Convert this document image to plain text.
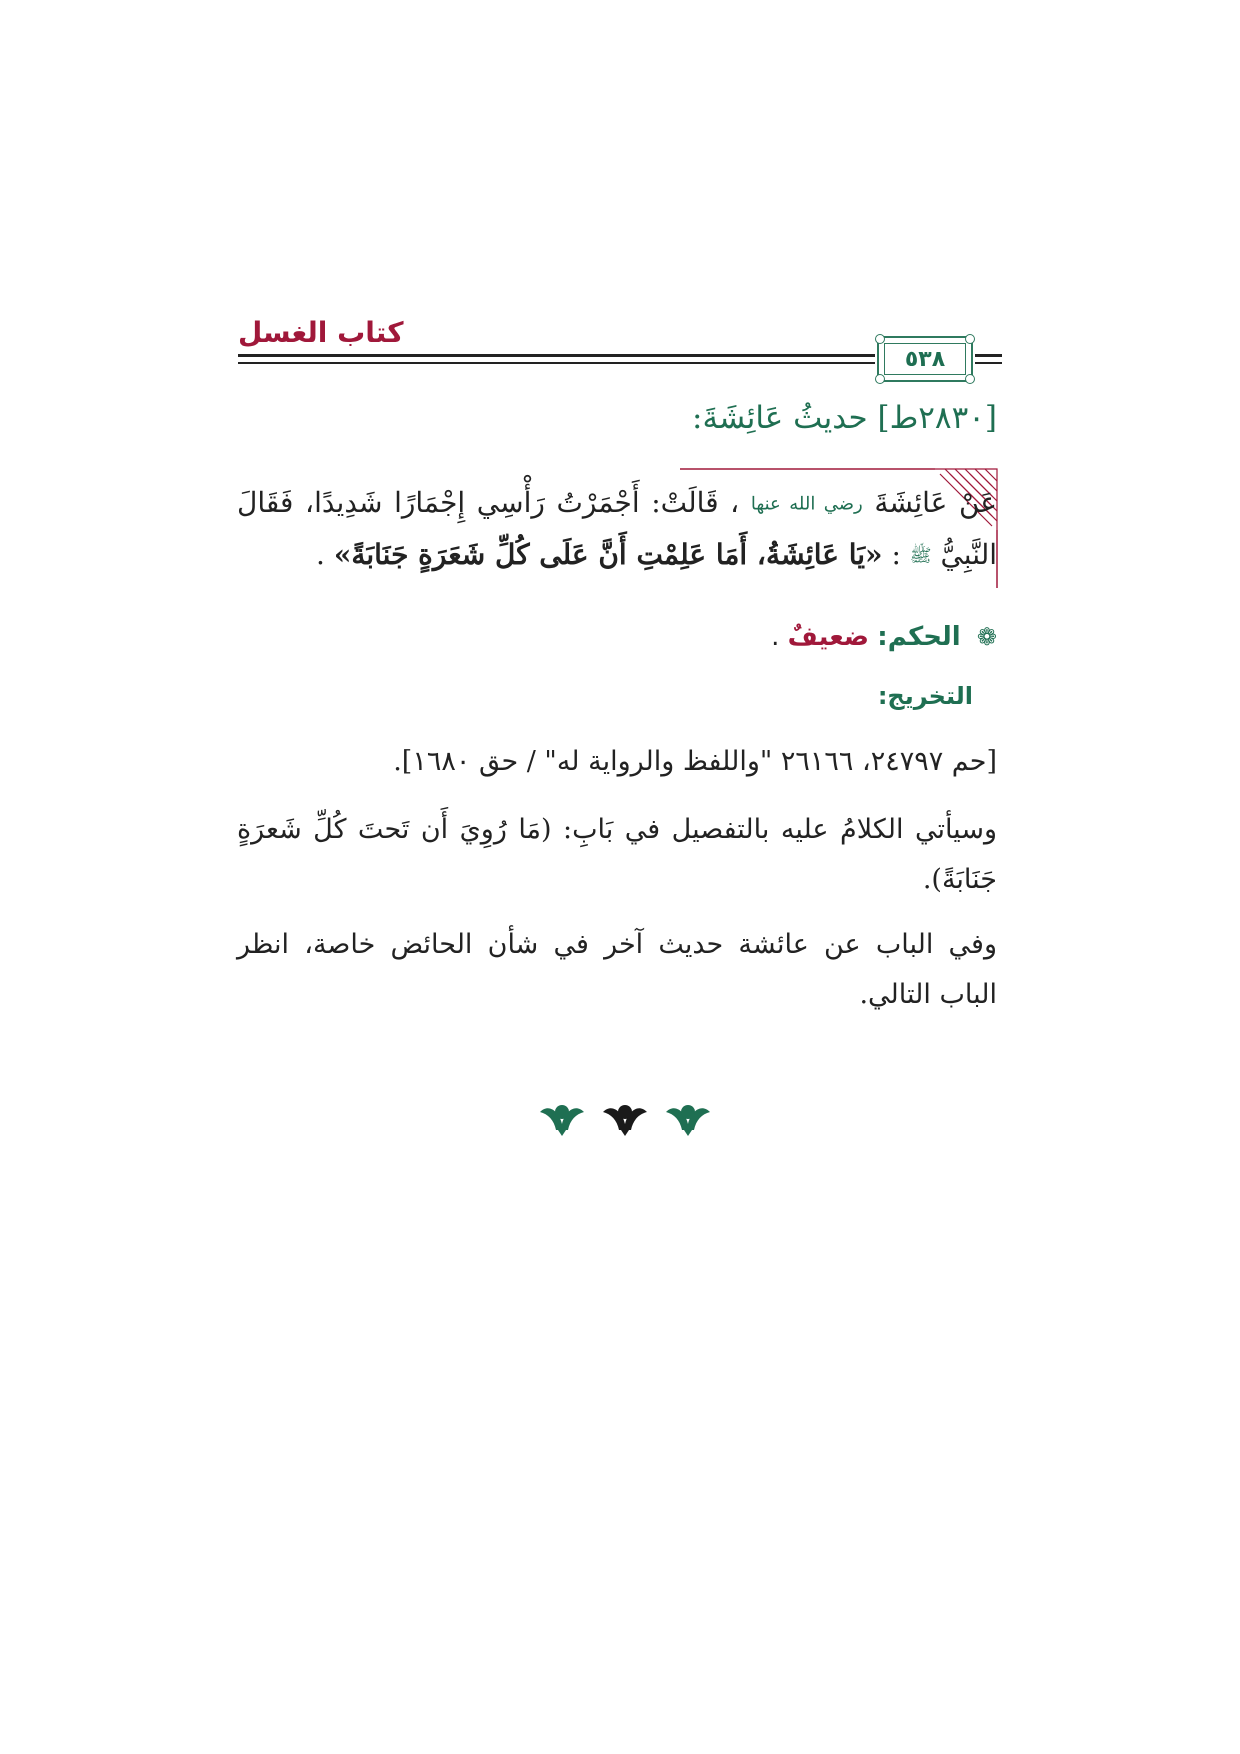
كتاب الغسل
٥٣٨
[٢٨٣٠ط] حديثُ عَائِشَةَ:
عَنْ عَائِشَةَ رضي الله عنها ، قَالَتْ: أَجْمَرْتُ رَأْسِي إِجْمَارًا شَدِيدًا، فَقَالَ النَّبِيُّ ﷺ : «يَا عَائِشَةُ، أَمَا عَلِمْتِ أَنَّ عَلَى كُلِّ شَعَرَةٍ جَنَابَةً» .
❁ الحكم: ضعيفٌ .
التخريج:
[حم ٢٤٧٩٧، ٢٦١٦٦ "واللفظ والرواية له" / حق ١٦٨٠].
وسيأتي الكلامُ عليه بالتفصيل في بَابِ: (مَا رُوِيَ أَن تَحتَ كُلِّ شَعرَةٍ جَنَابَةً).
وفي الباب عن عائشة حديث آخر في شأن الحائض خاصة، انظر الباب التالي.
